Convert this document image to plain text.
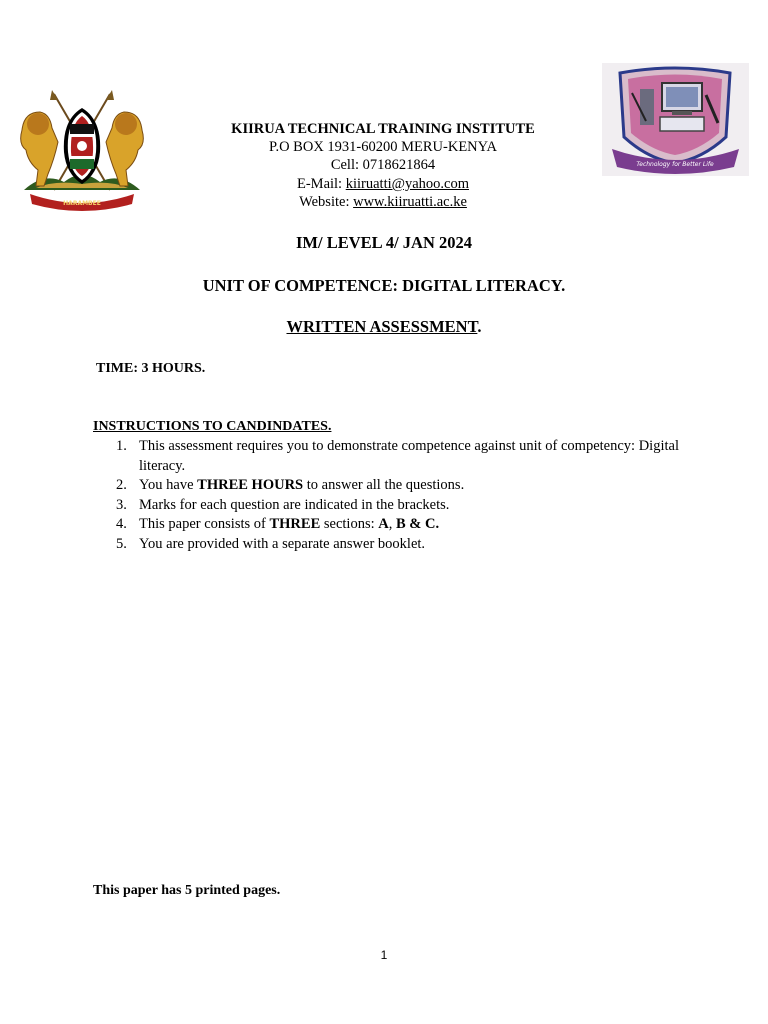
HARAMBEE
Technology for Better Life
KIIRUA TECHNICAL TRAINING INSTITUTE
P.O BOX 1931-60200 MERU-KENYA
Cell: 0718621864
E-Mail: kiiruatti@yahoo.com
Website: www.kiiruatti.ac.ke
IM/ LEVEL 4/ JAN 2024
UNIT OF COMPETENCE: DIGITAL LITERACY.
WRITTEN ASSESSMENT.
TIME: 3 HOURS.
INSTRUCTIONS TO CANDINDATES.
1. This assessment requires you to demonstrate competence against unit of competency: Digital literacy.
2. You have THREE HOURS to answer all the questions.
3. Marks for each question are indicated in the brackets.
4. This paper consists of THREE sections: A, B & C.
5. You are provided with a separate answer booklet.
This paper has 5 printed pages.
1
